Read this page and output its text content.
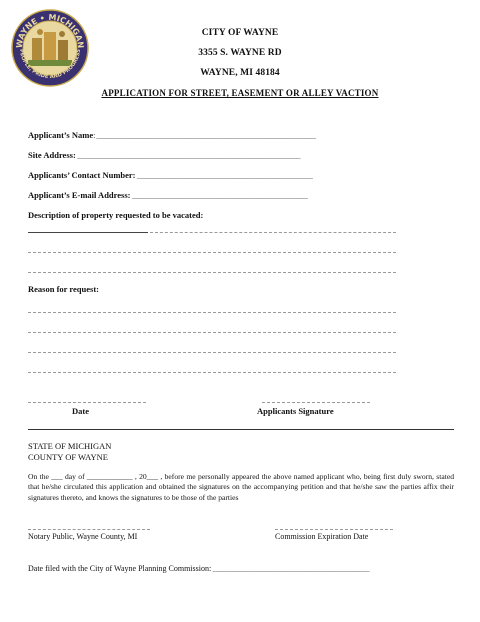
WAYNE • MICHIGAN
PEOPLE, PRIDE AND PROGRESS
CITY OF WAYNE
3355 S. WAYNE RD
WAYNE, MI 48184
APPLICATION FOR STREET, EASEMENT OR ALLEY VACTION
Applicant’s Name: ____________________________________________________________
Site Address: _____________________________________________________________
Applicants’ Contact Number: ________________________________________________
Applicant’s E-mail Address: ________________________________________________
Description of property requested to be vacated:
Reason for request:
Date	Applicants Signature
STATE OF MICHIGAN
COUNTY OF WAYNE
On the ___ day of ____________ , 20___ , before me personally appeared the above named applicant who, being first duly sworn, stated that he/she circulated this application and obtained the signatures on the accompanying petition and that he/she saw the parties affix their signatures thereto, and knows the signatures to be those of the parties
Notary Public, Wayne County, MI	Commission Expiration Date
Date filed with the City of Wayne Planning Commission: ______________________________________________
